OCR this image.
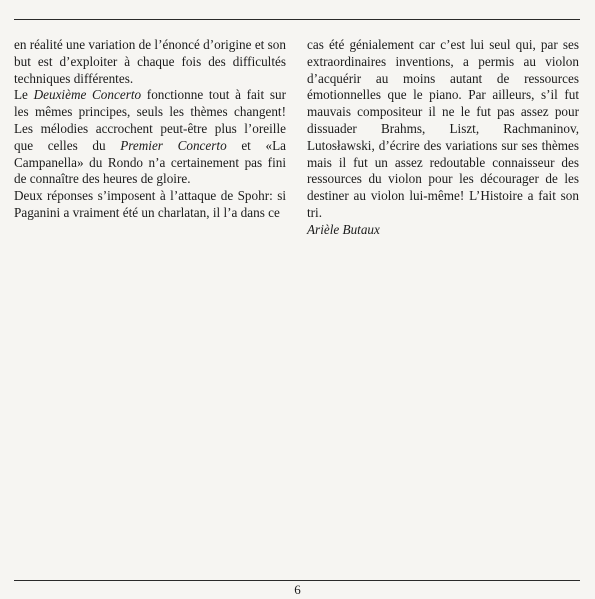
en réalité une variation de l’énoncé d’origine et son but est d’exploiter à chaque fois des difficultés techniques différentes.

Le Deuxième Concerto fonctionne tout à fait sur les mêmes principes, seuls les thèmes changent! Les mélodies accrochent peut-être plus l’oreille que celles du Premier Concerto et «La Campanella» du Rondo n’a certainement pas fini de connaître des heures de gloire.

Deux réponses s’imposent à l’attaque de Spohr: si Paganini a vraiment été un charlatan, il l’a dans ce

cas été génialement car c’est lui seul qui, par ses extraordinaires inventions, a permis au violon d’acquérir au moins autant de ressources émotionnelles que le piano. Par ailleurs, s’il fut mauvais compositeur il ne le fut pas assez pour dissuader Brahms, Liszt, Rachmaninov, Lutosławski, d’écrire des variations sur ses thèmes mais il fut un assez redoutable connaisseur des ressources du violon pour les décourager de les destiner au violon lui-même! L’Histoire a fait son tri.

Arièle Butaux

6
